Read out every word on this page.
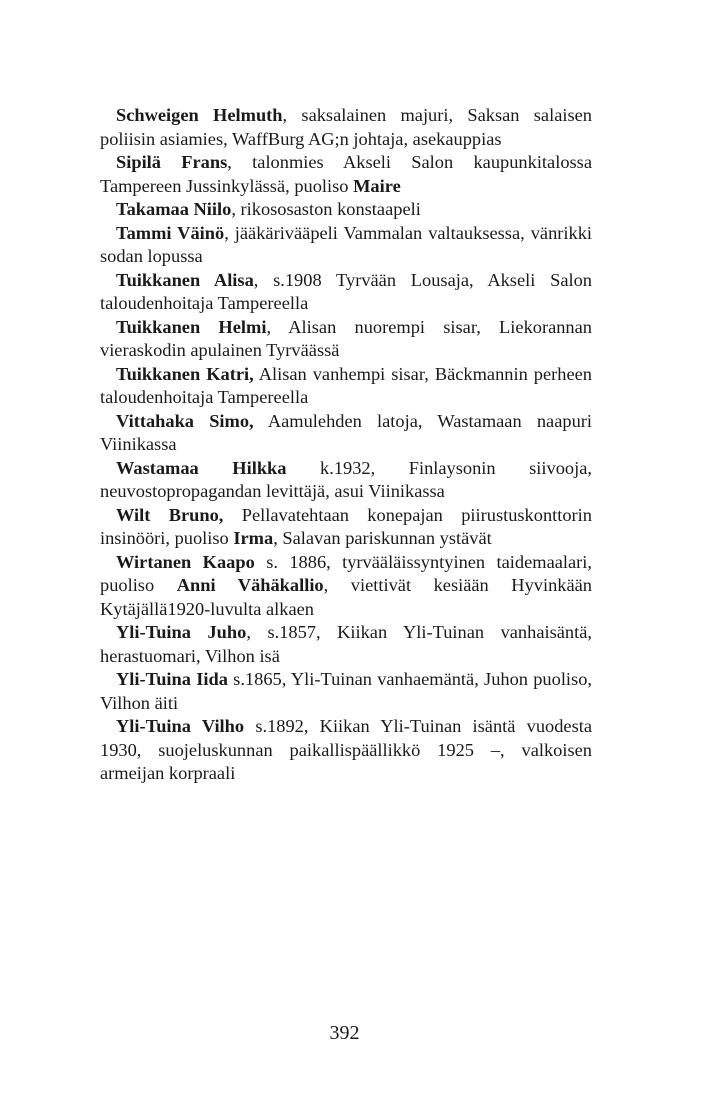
Schweigen Helmuth, saksalainen majuri, Saksan salaisen poliisin asiamies, WaffBurg AG;n johtaja, asekauppias

Sipilä Frans, talonmies Akseli Salon kaupunkitalossa Tampereen Jussinkylässä, puoliso Maire

Takamaa Niilo, rikososaston konstaapeli

Tammi Väinö, jääkärivääpeli Vammalan valtauksessa, vänrikki sodan lopussa

Tuikkanen Alisa, s.1908 Tyrvään Lousaja, Akseli Salon taloudenhoitaja Tampereella

Tuikkanen Helmi, Alisan nuorempi sisar, Liekorannan vieraskodin apulainen Tyrväässä

Tuikkanen Katri, Alisan vanhempi sisar, Bäckmannin perheen taloudenhoitaja Tampereella

Vittahaka Simo, Aamulehden latoja, Wastamaan naapuri Viinikassa

Wastamaa Hilkka k.1932, Finlaysonin siivooja, neuvostopropagandan levittäjä, asui Viinikassa

Wilt Bruno, Pellavatehtaan konepajan piirustuskonttorin insinööri, puoliso Irma, Salavan pariskunnan ystävät

Wirtanen Kaapo s. 1886, tyrvääläissyntyinen taidemaalari, puoliso Anni Vähäkallio, viettivät kesiään Hyvinkään Kytäjällä1920-luvulta alkaen

Yli-Tuina Juho, s.1857, Kiikan Yli-Tuinan vanhaisäntä, herastuomari, Vilhon isä

Yli-Tuina Iida s.1865, Yli-Tuinan vanhaemäntä, Juhon puoliso, Vilhon äiti

Yli-Tuina Vilho s.1892, Kiikan Yli-Tuinan isäntä vuodesta 1930, suojeluskunnan paikallispäällikkö 1925 –, valkoisen armeijan korpraali

392
